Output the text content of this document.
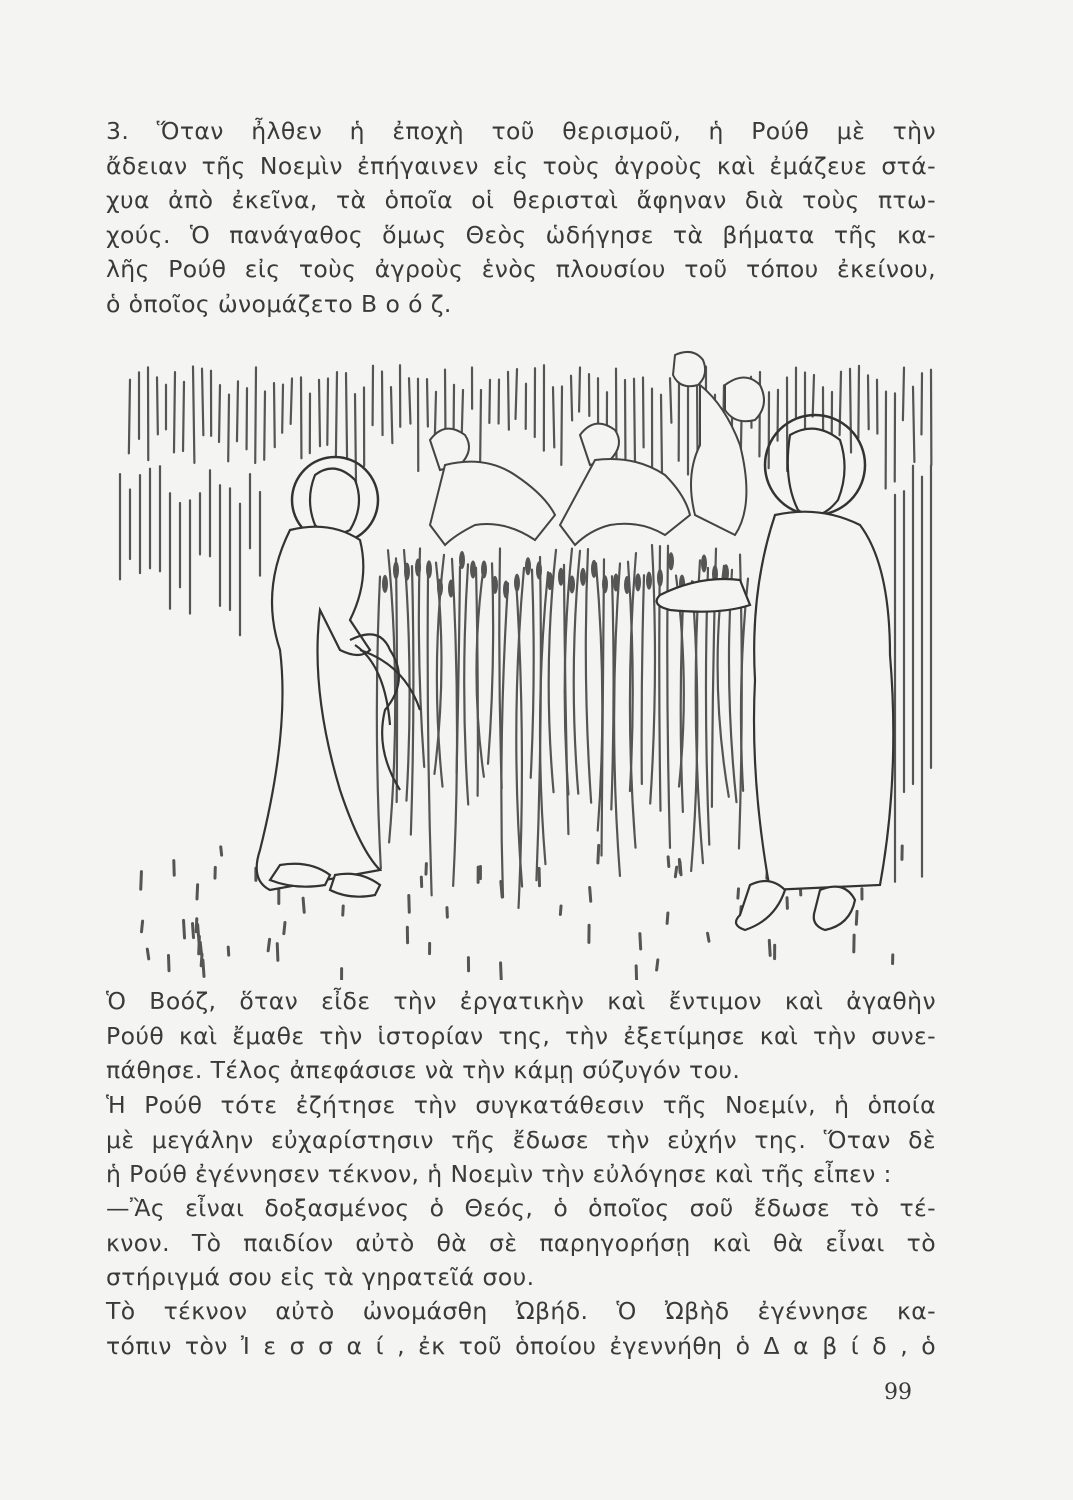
3. Ὅταν ἦλθεν ἡ ἐποχὴ τοῦ θερισμοῦ, ἡ Ρούθ μὲ τὴν
ἄδειαν τῆς Νοεμὶν ἐπήγαινεν εἰς τοὺς ἀγροὺς καὶ ἐμάζευε στά-
χυα ἀπὸ ἐκεῖνα, τὰ ὁποῖα οἱ θερισταὶ ἄφηναν διὰ τοὺς πτω-
χούς. Ὁ πανάγαθος ὅμως Θεὸς ὡδήγησε τὰ βήματα τῆς κα-
λῆς Ρούθ εἰς τοὺς ἀγροὺς ἑνὸς πλουσίου τοῦ τόπου ἐκείνου,
ὁ ὁποῖος ὠνομάζετο Β ο ό ζ.
Ὁ Βοόζ, ὅταν εἶδε τὴν ἐργατικὴν καὶ ἔντιμον καὶ ἀγαθὴν
Ρούθ καὶ ἔμαθε τὴν ἱστορίαν της, τὴν ἐξετίμησε καὶ τὴν συνε-
πάθησε. Τέλος ἀπεφάσισε νὰ τὴν κάμῃ σύζυγόν του.
Ἡ Ρούθ τότε ἐζήτησε τὴν συγκατάθεσιν τῆς Νοεμίν, ἡ ὁποία
μὲ μεγάλην εὐχαρίστησιν τῆς ἔδωσε τὴν εὐχήν της. Ὅταν δὲ
ἡ Ρούθ ἐγέννησεν τέκνον, ἡ Νοεμὶν τὴν εὐλόγησε καὶ τῆς εἶπεν :
—Ἂς εἶναι δοξασμένος ὁ Θεός, ὁ ὁποῖος σοῦ ἔδωσε τὸ τέ-
κνον. Τὸ παιδίον αὐτὸ θὰ σὲ παρηγορήσῃ καὶ θὰ εἶναι τὸ
στήριγμά σου εἰς τὰ γηρατεῖά σου.
Τὸ τέκνον αὐτὸ ὠνομάσθη Ὠβήδ. Ὁ Ὠβὴδ ἐγέννησε κα-
τόπιν τὸν Ἰ ε σ σ α ί , ἐκ τοῦ ὁποίου ἐγεννήθη ὁ Δ α β ί δ , ὁ
99
